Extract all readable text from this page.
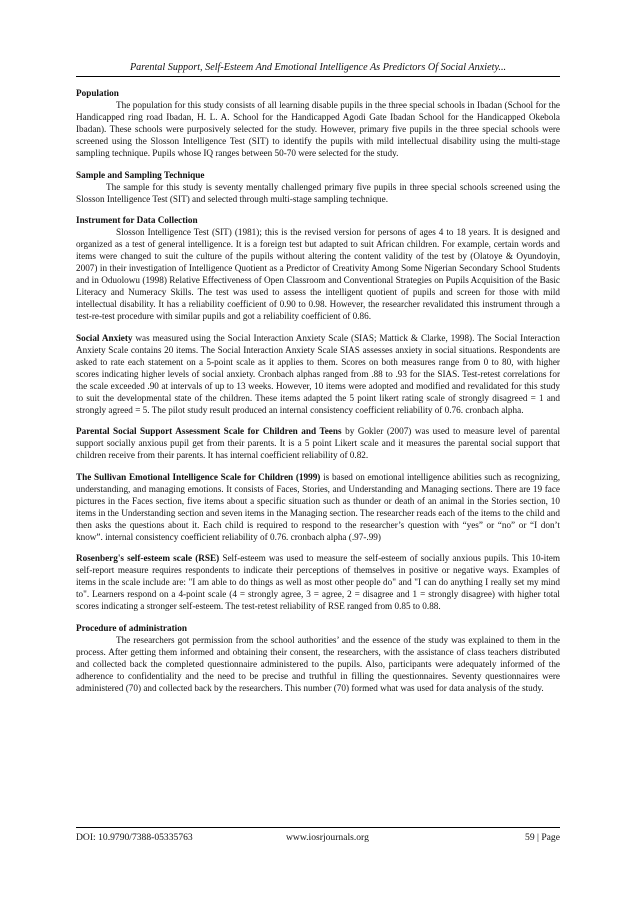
Parental Support, Self-Esteem And Emotional Intelligence As Predictors Of Social Anxiety...
Population

The population for this study consists of all learning disable pupils in the three special schools in Ibadan (School for the Handicapped ring road Ibadan, H. L. A. School for the Handicapped Agodi Gate Ibadan School for the Handicapped Okebola Ibadan). These schools were purposively selected for the study. However, primary five pupils in the three special schools were screened using the Slosson Intelligence Test (SIT) to identify the pupils with mild intellectual disability using the multi-stage sampling technique. Pupils whose IQ ranges between 50-70 were selected for the study.

Sample and Sampling Technique

The sample for this study is seventy mentally challenged primary five pupils in three special schools screened using the Slosson Intelligence Test (SIT) and selected through multi-stage sampling technique.

Instrument for Data Collection

Slosson Intelligence Test (SIT) (1981); this is the revised version for persons of ages 4 to 18 years. It is designed and organized as a test of general intelligence. It is a foreign test but adapted to suit African children. For example, certain words and items were changed to suit the culture of the pupils without altering the content validity of the test by (Olatoye & Oyundoyin, 2007) in their investigation of Intelligence Quotient as a Predictor of Creativity Among Some Nigerian Secondary School Students and in Oduolowu (1998) Relative Effectiveness of Open Classroom and Conventional Strategies on Pupils Acquisition of the Basic Literacy and Numeracy Skills. The test was used to assess the intelligent quotient of pupils and screen for those with mild intellectual disability. It has a reliability coefficient of 0.90 to 0.98. However, the researcher revalidated this instrument through a test-re-test procedure with similar pupils and got a reliability coefficient of 0.86.

Social Anxiety was measured using the Social Interaction Anxiety Scale (SIAS; Mattick & Clarke, 1998). The Social Interaction Anxiety Scale contains 20 items. The Social Interaction Anxiety Scale SIAS assesses anxiety in social situations. Respondents are asked to rate each statement on a 5-point scale as it applies to them. Scores on both measures range from 0 to 80, with higher scores indicating higher levels of social anxiety. Cronbach alphas ranged from .88 to .93 for the SIAS. Test-retest correlations for the scale exceeded .90 at intervals of up to 13 weeks. However, 10 items were adopted and modified and revalidated for this study to suit the developmental state of the children. These items adapted the 5 point likert rating scale of strongly disagreed = 1 and strongly agreed = 5. The pilot study result produced an internal consistency coefficient reliability of 0.76. cronbach alpha.

Parental Social Support Assessment Scale for Children and Teens by Gokler (2007) was used to measure level of parental support socially anxious pupil get from their parents. It is a 5 point Likert scale and it measures the parental social support that children receive from their parents. It has internal coefficient reliability of 0.82.

The Sullivan Emotional Intelligence Scale for Children (1999) is based on emotional intelligence abilities such as recognizing, understanding, and managing emotions. It consists of Faces, Stories, and Understanding and Managing sections. There are 19 face pictures in the Faces section, five items about a specific situation such as thunder or death of an animal in the Stories section, 10 items in the Understanding section and seven items in the Managing section. The researcher reads each of the items to the child and then asks the questions about it. Each child is required to respond to the researcher’s question with “yes” or “no” or “I don’t know”. internal consistency coefficient reliability of 0.76. cronbach alpha (.97-.99)

Rosenberg's self-esteem scale (RSE) Self-esteem was used to measure the self-esteem of socially anxious pupils. This 10-item self-report measure requires respondents to indicate their perceptions of themselves in positive or negative ways. Examples of items in the scale include are: "I am able to do things as well as most other people do" and "I can do anything I really set my mind to". Learners respond on a 4-point scale (4 = strongly agree, 3 = agree, 2 = disagree and 1 = strongly disagree) with higher total scores indicating a stronger self-esteem. The test-retest reliability of RSE ranged from 0.85 to 0.88.

Procedure of administration

The researchers got permission from the school authorities’ and the essence of the study was explained to them in the process. After getting them informed and obtaining their consent, the researchers, with the assistance of class teachers distributed and collected back the completed questionnaire administered to the pupils. Also, participants were adequately informed of the adherence to confidentiality and the need to be precise and truthful in filling the questionnaires. Seventy questionnaires were administered (70) and collected back by the researchers. This number (70) formed what was used for data analysis of the study.

DOI: 10.9790/7388-05335763	www.iosrjournals.org	59 | Page
